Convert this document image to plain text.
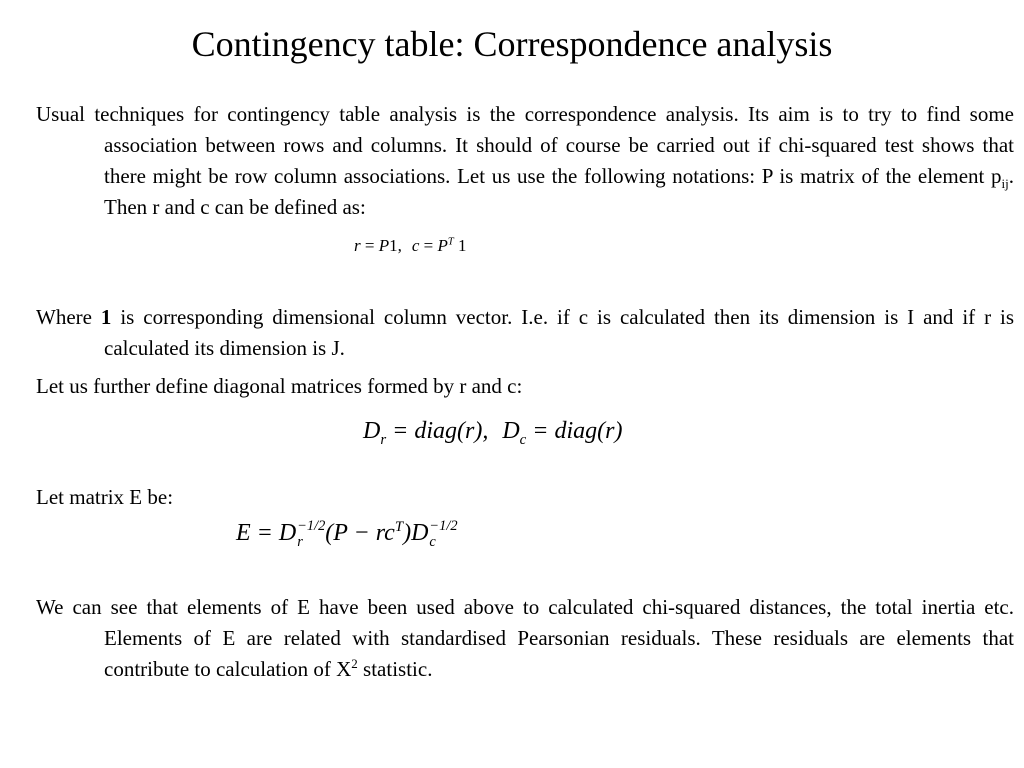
Contingency table: Correspondence analysis
Usual techniques for contingency table analysis is the correspondence analysis. Its aim is to try to find some association between rows and columns. It should of course be carried out if chi-squared test shows that there might be row column associations. Let us use the following notations: P is matrix of the element $p_{ij}$. Then r and c can be defined as:
r = P1, $c = P^T$ 1
Where 1 is corresponding dimensional column vector. I.e. if c is calculated then its dimension is I and if r is calculated its dimension is J.
Let us further define diagonal matrices formed by r and c:
$D_r$ = diag(r), $D_c$ = diag(r)
Let matrix E be:
E = D −1/2
r $(P - rc^T)D -1/2$
c
We can see that elements of E have been used above to calculated chi-squared distances, the total inertia etc. Elements of E are related with standardised Pearsonian residuals. These residuals are elements that contribute to calculation of $X^2$ statistic.
